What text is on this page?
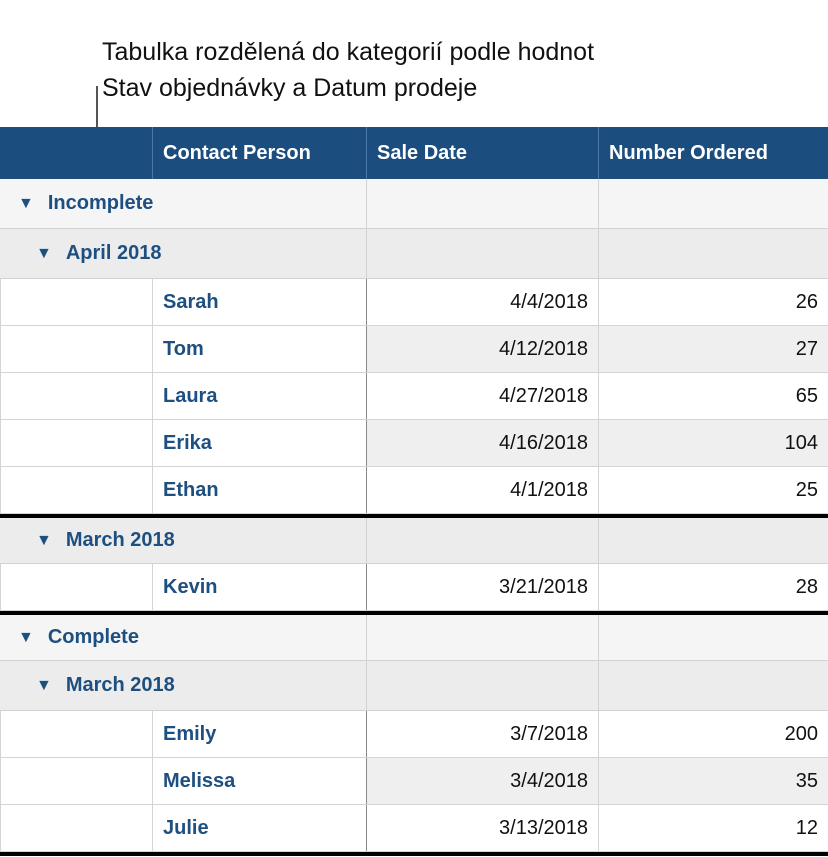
Tabulka rozdělená do kategorií podle hodnot
Stav objednávky a Datum prodeje

Contact Person	Sale Date	Number Ordered
▼ Incomplete
▼ April 2018
Sarah	4/4/2018	26
Tom	4/12/2018	27
Laura	4/27/2018	65
Erika	4/16/2018	104
Ethan	4/1/2018	25
▼ March 2018
Kevin	3/21/2018	28
▼ Complete
▼ March 2018
Emily	3/7/2018	200
Melissa	3/4/2018	35
Julie	3/13/2018	12
